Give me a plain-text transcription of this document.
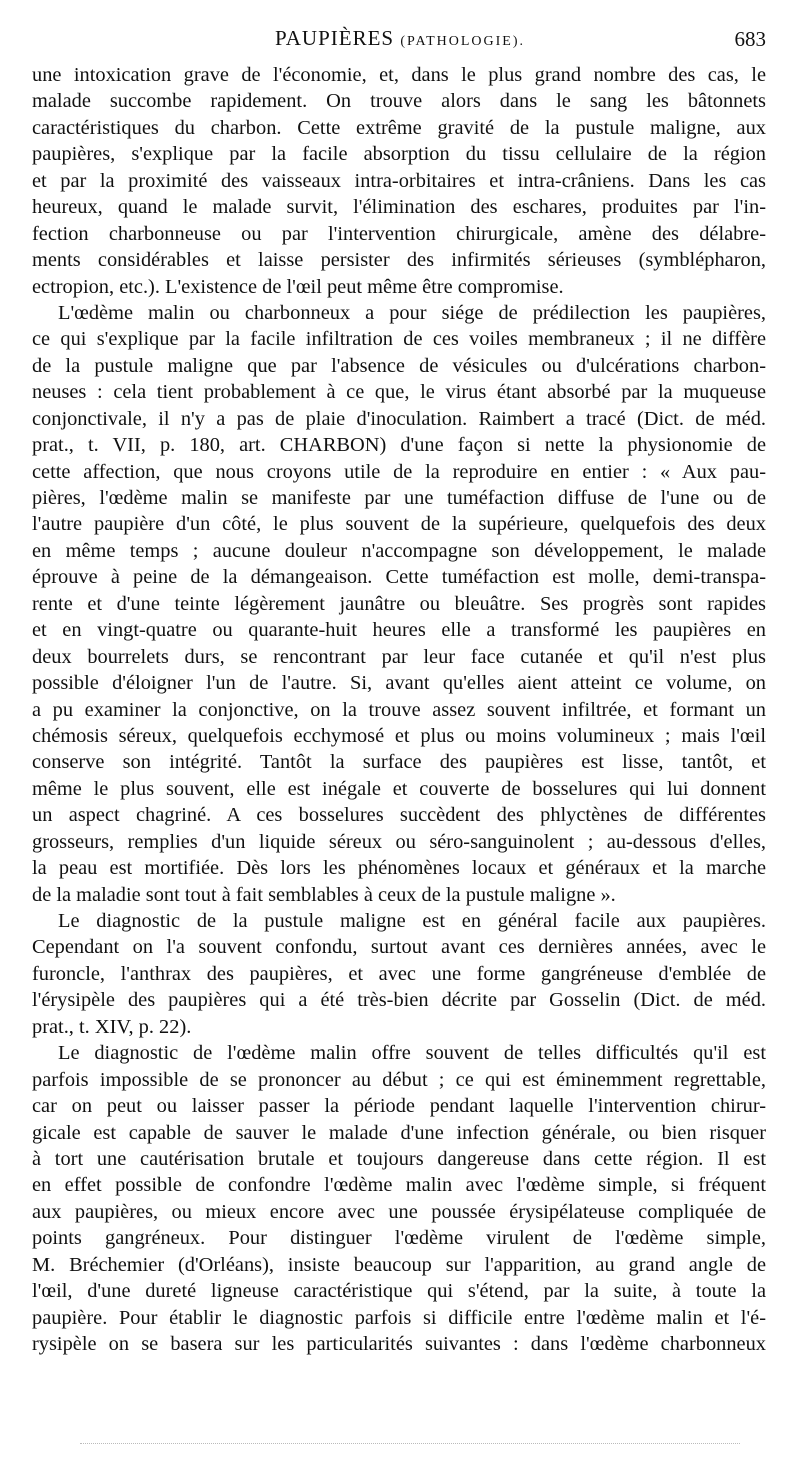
PAUPIÈRES (PATHOLOGIE).	683
une intoxication grave de l'économie, et, dans le plus grand nombre des cas, le
malade succombe rapidement. On trouve alors dans le sang les bâtonnets
caractéristiques du charbon. Cette extrême gravité de la pustule maligne, aux
paupières, s'explique par la facile absorption du tissu cellulaire de la région
et par la proximité des vaisseaux intra-orbitaires et intra-crâniens. Dans les cas
heureux, quand le malade survit, l'élimination des eschares, produites par l'in-
fection charbonneuse ou par l'intervention chirurgicale, amène des délabre-
ments considérables et laisse persister des infirmités sérieuses (symblépharon,
ectropion, etc.). L'existence de l'œil peut même être compromise.
L'œdème malin ou charbonneux a pour siége de prédilection les paupières,
ce qui s'explique par la facile infiltration de ces voiles membraneux ; il ne diffère
de la pustule maligne que par l'absence de vésicules ou d'ulcérations charbon-
neuses : cela tient probablement à ce que, le virus étant absorbé par la muqueuse
conjonctivale, il n'y a pas de plaie d'inoculation. Raimbert a tracé (Dict. de méd.
prat., t. VII, p. 180, art. CHARBON) d'une façon si nette la physionomie de
cette affection, que nous croyons utile de la reproduire en entier : « Aux pau-
pières, l'œdème malin se manifeste par une tuméfaction diffuse de l'une ou de
l'autre paupière d'un côté, le plus souvent de la supérieure, quelquefois des deux
en même temps ; aucune douleur n'accompagne son développement, le malade
éprouve à peine de la démangeaison. Cette tuméfaction est molle, demi-transpa-
rente et d'une teinte légèrement jaunâtre ou bleuâtre. Ses progrès sont rapides
et en vingt-quatre ou quarante-huit heures elle a transformé les paupières en
deux bourrelets durs, se rencontrant par leur face cutanée et qu'il n'est plus
possible d'éloigner l'un de l'autre. Si, avant qu'elles aient atteint ce volume, on
a pu examiner la conjonctive, on la trouve assez souvent infiltrée, et formant un
chémosis séreux, quelquefois ecchymosé et plus ou moins volumineux ; mais l'œil
conserve son intégrité. Tantôt la surface des paupières est lisse, tantôt, et
même le plus souvent, elle est inégale et couverte de bosselures qui lui donnent
un aspect chagriné. A ces bosselures succèdent des phlyctènes de différentes
grosseurs, remplies d'un liquide séreux ou séro-sanguinolent ; au-dessous d'elles,
la peau est mortifiée. Dès lors les phénomènes locaux et généraux et la marche
de la maladie sont tout à fait semblables à ceux de la pustule maligne ».
Le diagnostic de la pustule maligne est en général facile aux paupières.
Cependant on l'a souvent confondu, surtout avant ces dernières années, avec le
furoncle, l'anthrax des paupières, et avec une forme gangréneuse d'emblée de
l'érysipèle des paupières qui a été très-bien décrite par Gosselin (Dict. de méd.
prat., t. XIV, p. 22).
Le diagnostic de l'œdème malin offre souvent de telles difficultés qu'il est
parfois impossible de se prononcer au début ; ce qui est éminemment regrettable,
car on peut ou laisser passer la période pendant laquelle l'intervention chirur-
gicale est capable de sauver le malade d'une infection générale, ou bien risquer
à tort une cautérisation brutale et toujours dangereuse dans cette région. Il est
en effet possible de confondre l'œdème malin avec l'œdème simple, si fréquent
aux paupières, ou mieux encore avec une poussée érysipélateuse compliquée de
points gangréneux. Pour distinguer l'œdème virulent de l'œdème simple,
M. Bréchemier (d'Orléans), insiste beaucoup sur l'apparition, au grand angle de
l'œil, d'une dureté ligneuse caractéristique qui s'étend, par la suite, à toute la
paupière. Pour établir le diagnostic parfois si difficile entre l'œdème malin et l'é-
rysipèle on se basera sur les particularités suivantes : dans l'œdème charbonneux
